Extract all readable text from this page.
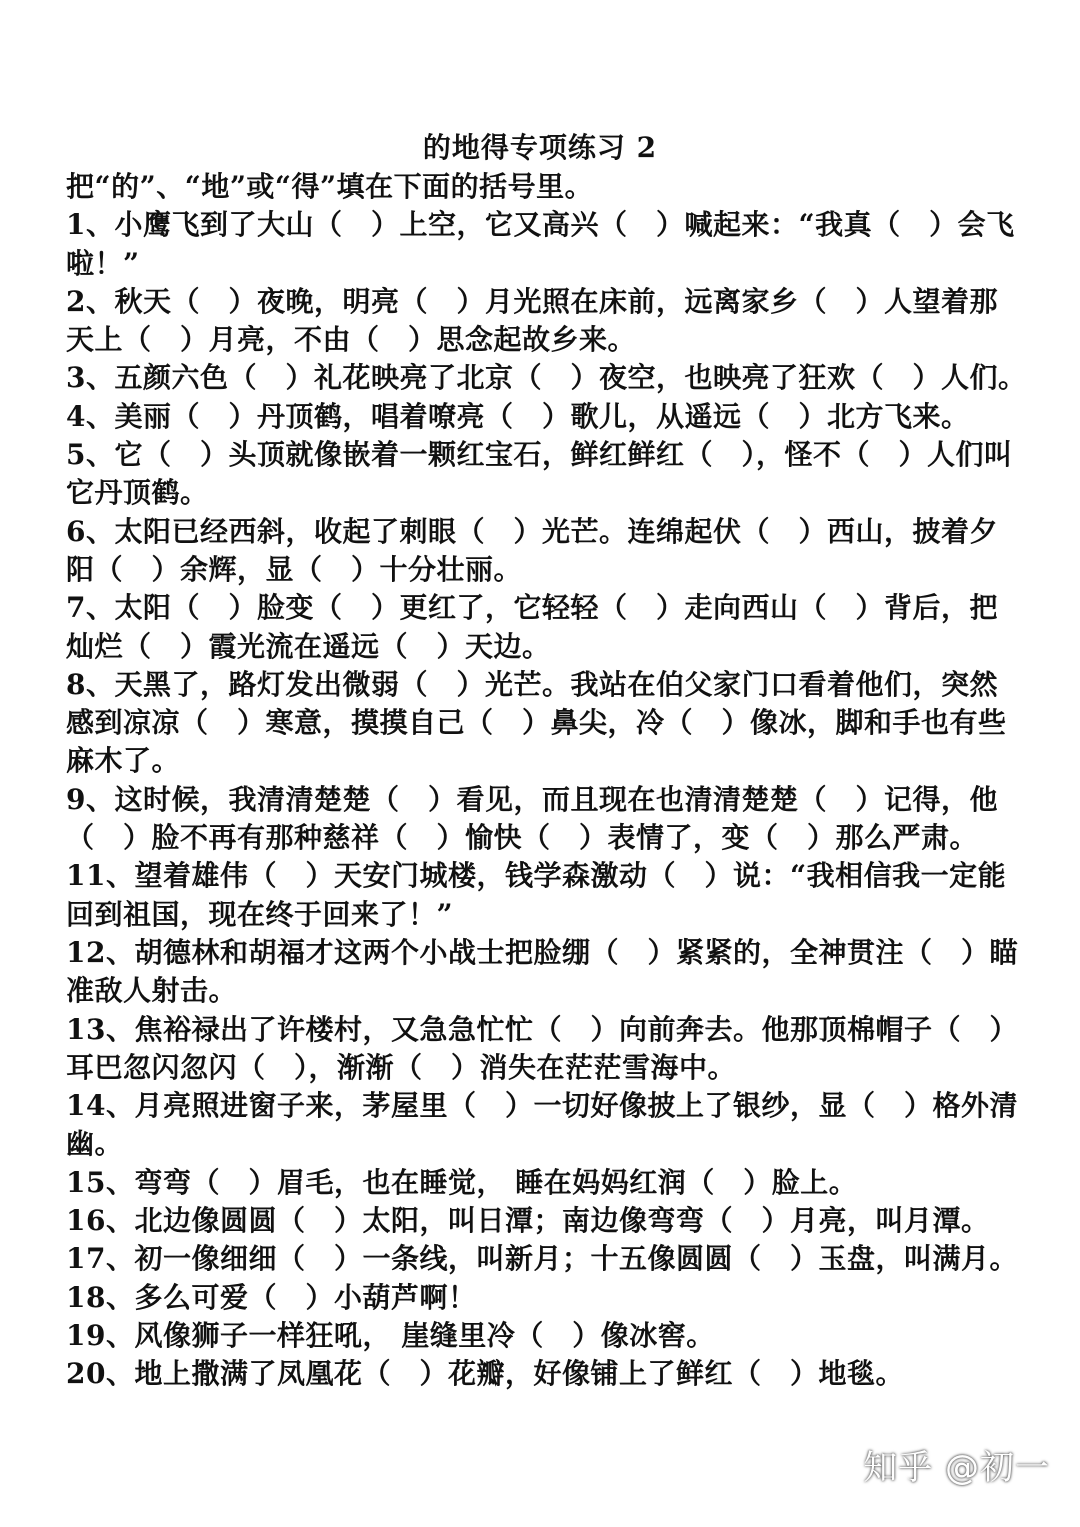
的地得专项练习 2
把“的”、“地”或“得”填在下面的括号里。
1、小鹰飞到了大山（　）上空，它又高兴（　）喊起来：“我真（　）会飞
啦！”
2、秋天（　）夜晚，明亮（　）月光照在床前，远离家乡（　）人望着那
天上（　）月亮，不由（　）思念起故乡来。
3、五颜六色（　）礼花映亮了北京（　）夜空，也映亮了狂欢（　）人们。
4、美丽（　）丹顶鹤，唱着嘹亮（　）歌儿，从遥远（　）北方飞来。
5、它（　）头顶就像嵌着一颗红宝石，鲜红鲜红（　），怪不（　）人们叫
它丹顶鹤。
6、太阳已经西斜，收起了刺眼（　）光芒。连绵起伏（　）西山，披着夕
阳（　）余辉，显（　）十分壮丽。
7、太阳（　）脸变（　）更红了，它轻轻（　）走向西山（　）背后，把
灿烂（　）霞光流在遥远（　）天边。
8、天黑了，路灯发出微弱（　）光芒。我站在伯父家门口看着他们，突然
感到凉凉（　）寒意，摸摸自己（　）鼻尖，冷（　）像冰，脚和手也有些
麻木了。
9、这时候，我清清楚楚（　）看见，而且现在也清清楚楚（　）记得，他
（　）脸不再有那种慈祥（　）愉快（　）表情了，变（　）那么严肃。
11、望着雄伟（　）天安门城楼，钱学森激动（　）说：“我相信我一定能
回到祖国，现在终于回来了！”
12、胡德林和胡福才这两个小战士把脸绷（　）紧紧的，全神贯注（　）瞄
准敌人射击。
13、焦裕禄出了许楼村，又急急忙忙（　）向前奔去。他那顶棉帽子（　）
耳巴忽闪忽闪（　），渐渐（　）消失在茫茫雪海中。
14、月亮照进窗子来，茅屋里（　）一切好像披上了银纱，显（　）格外清
幽。
15、弯弯（　）眉毛，也在睡觉， 睡在妈妈红润（　）脸上。
16、北边像圆圆（　）太阳，叫日潭；南边像弯弯（　）月亮，叫月潭。
17、初一像细细（　）一条线，叫新月；十五像圆圆（　）玉盘，叫满月。
18、多么可爱（　）小葫芦啊！
19、风像狮子一样狂吼， 崖缝里冷（　）像冰窖。
20、地上撒满了凤凰花（　）花瓣，好像铺上了鲜红（　）地毯。
知乎 @初一
